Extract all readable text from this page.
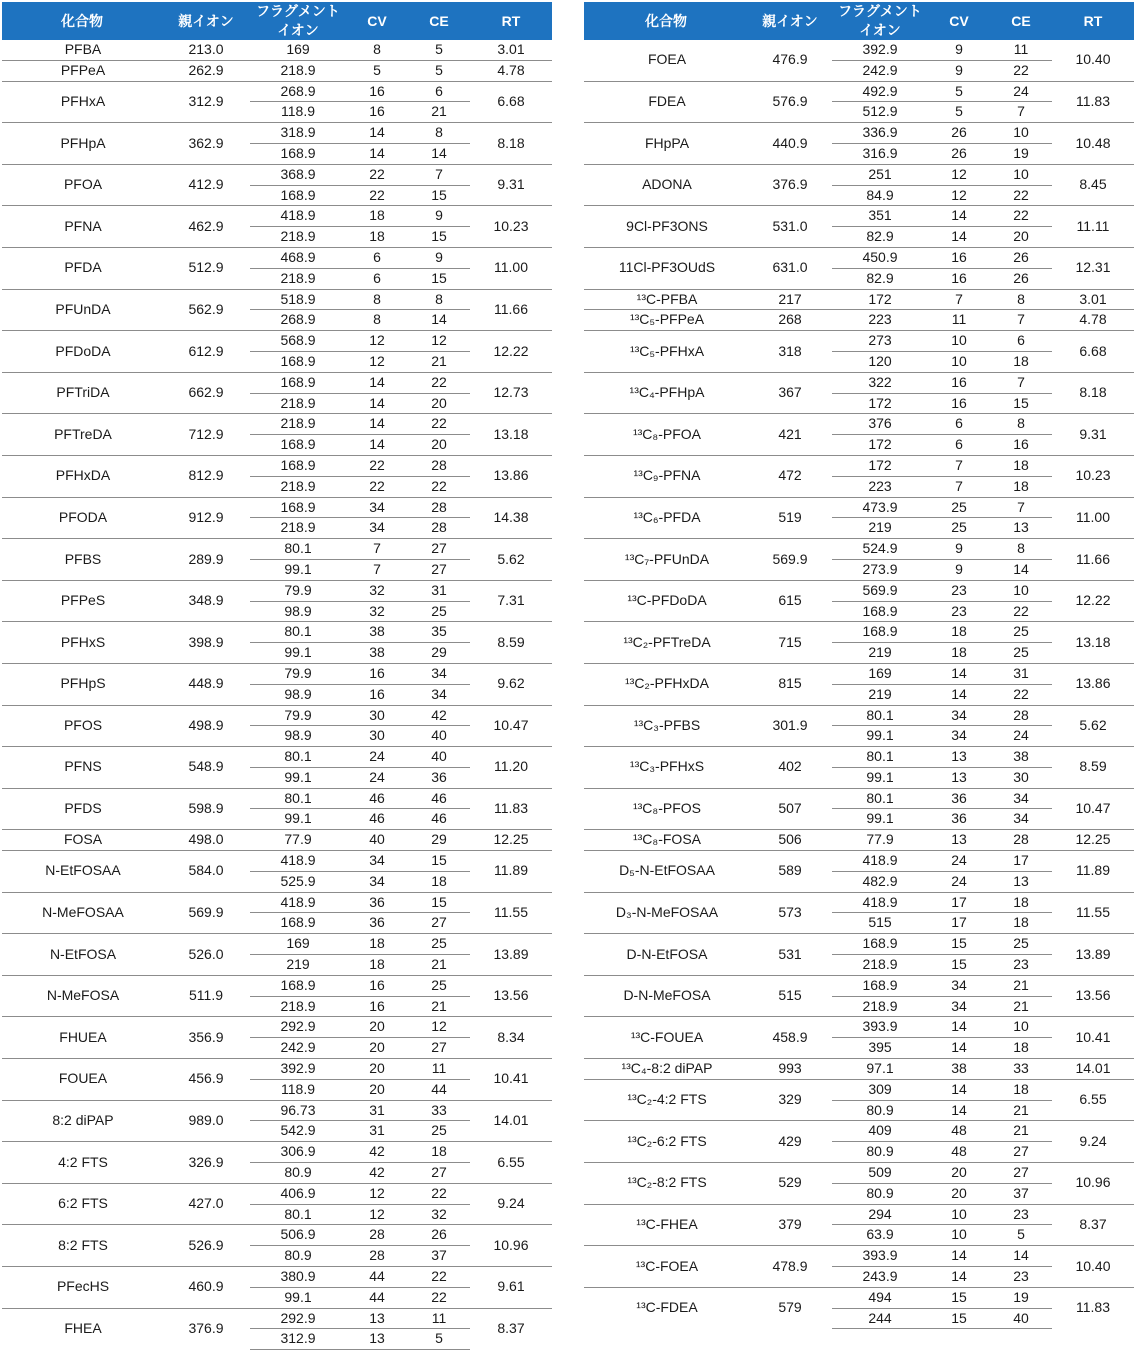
化合物	親イオン	フラグメントイオン	CV	CE	RT
PFBA	213.0	169	8	5	3.01
PFPeA	262.9	218.9	5	5	4.78
PFHxA	312.9	268.9	16	6	6.68
		118.9	16	21	
PFHpA	362.9	318.9	14	8	8.18
		168.9	14	14	
PFOA	412.9	368.9	22	7	9.31
		168.9	22	15	
PFNA	462.9	418.9	18	9	10.23
		218.9	18	15	
PFDA	512.9	468.9	6	9	11.00
		218.9	6	15	
PFUnDA	562.9	518.9	8	8	11.66
		268.9	8	14	
PFDoDA	612.9	568.9	12	12	12.22
		168.9	12	21	
PFTriDA	662.9	168.9	14	22	12.73
		218.9	14	20	
PFTreDA	712.9	218.9	14	22	13.18
		168.9	14	20	
PFHxDA	812.9	168.9	22	28	13.86
		218.9	22	22	
PFODA	912.9	168.9	34	28	14.38
		218.9	34	28	
PFBS	289.9	80.1	7	27	5.62
		99.1	7	27	
PFPeS	348.9	79.9	32	31	7.31
		98.9	32	25	
PFHxS	398.9	80.1	38	35	8.59
		99.1	38	29	
PFHpS	448.9	79.9	16	34	9.62
		98.9	16	34	
PFOS	498.9	79.9	30	42	10.47
		98.9	30	40	
PFNS	548.9	80.1	24	40	11.20
		99.1	24	36	
PFDS	598.9	80.1	46	46	11.83
		99.1	46	46	
FOSA	498.0	77.9	40	29	12.25
N-EtFOSAA	584.0	418.9	34	15	11.89
		525.9	34	18	
N-MeFOSAA	569.9	418.9	36	15	11.55
		168.9	36	27	
N-EtFOSA	526.0	169	18	25	13.89
		219	18	21	
N-MeFOSA	511.9	168.9	16	25	13.56
		218.9	16	21	
FHUEA	356.9	292.9	20	12	8.34
		242.9	20	27	
FOUEA	456.9	392.9	20	11	10.41
		118.9	20	44	
8:2 diPAP	989.0	96.73	31	33	14.01
		542.9	31	25	
4:2 FTS	326.9	306.9	42	18	6.55
		80.9	42	27	
6:2 FTS	427.0	406.9	12	22	9.24
		80.1	12	32	
8:2 FTS	526.9	506.9	28	26	10.96
		80.9	28	37	
PFecHS	460.9	380.9	44	22	9.61
		99.1	44	22	
FHEA	376.9	292.9	13	11	8.37
		312.9	13	5	
化合物	親イオン	フラグメントイオン	CV	CE	RT
FOEA	476.9	392.9	9	11	10.40
		242.9	9	22	
FDEA	576.9	492.9	5	24	11.83
		512.9	5	7	
FHpPA	440.9	336.9	26	10	10.48
		316.9	26	19	
ADONA	376.9	251	12	10	8.45
		84.9	12	22	
9Cl-PF3ONS	531.0	351	14	22	11.11
		82.9	14	20	
11Cl-PF3OUdS	631.0	450.9	16	26	12.31
		82.9	16	26	
¹³C-PFBA	217	172	7	8	3.01
¹³C₅-PFPeA	268	223	11	7	4.78
¹³C₅-PFHxA	318	273	10	6	6.68
		120	10	18	
¹³C₄-PFHpA	367	322	16	7	8.18
		172	16	15	
¹³C₈-PFOA	421	376	6	8	9.31
		172	6	16	
¹³C₉-PFNA	472	172	7	18	10.23
		223	7	18	
¹³C₆-PFDA	519	473.9	25	7	11.00
		219	25	13	
¹³C₇-PFUnDA	569.9	524.9	9	8	11.66
		273.9	9	14	
¹³C-PFDoDA	615	569.9	23	10	12.22
		168.9	23	22	
¹³C₂-PFTreDA	715	168.9	18	25	13.18
		219	18	25	
¹³C₂-PFHxDA	815	169	14	31	13.86
		219	14	22	
¹³C₃-PFBS	301.9	80.1	34	28	5.62
		99.1	34	24	
¹³C₃-PFHxS	402	80.1	13	38	8.59
		99.1	13	30	
¹³C₈-PFOS	507	80.1	36	34	10.47
		99.1	36	34	
¹³C₈-FOSA	506	77.9	13	28	12.25
D₅-N-EtFOSAA	589	418.9	24	17	11.89
		482.9	24	13	
D₃-N-MeFOSAA	573	418.9	17	18	11.55
		515	17	18	
D-N-EtFOSA	531	168.9	15	25	13.89
		218.9	15	23	
D-N-MeFOSA	515	168.9	34	21	13.56
		218.9	34	21	
¹³C-FOUEA	458.9	393.9	14	10	10.41
		395	14	18	
¹³C₄-8:2 diPAP	993	97.1	38	33	14.01
¹³C₂-4:2 FTS	329	309	14	18	6.55
		80.9	14	21	
¹³C₂-6:2 FTS	429	409	48	21	9.24
		80.9	48	27	
¹³C₂-8:2 FTS	529	509	20	27	10.96
		80.9	20	37	
¹³C-FHEA	379	294	10	23	8.37
		63.9	10	5	
¹³C-FOEA	478.9	393.9	14	14	10.40
		243.9	14	23	
¹³C-FDEA	579	494	15	19	11.83
		244	15	40	
